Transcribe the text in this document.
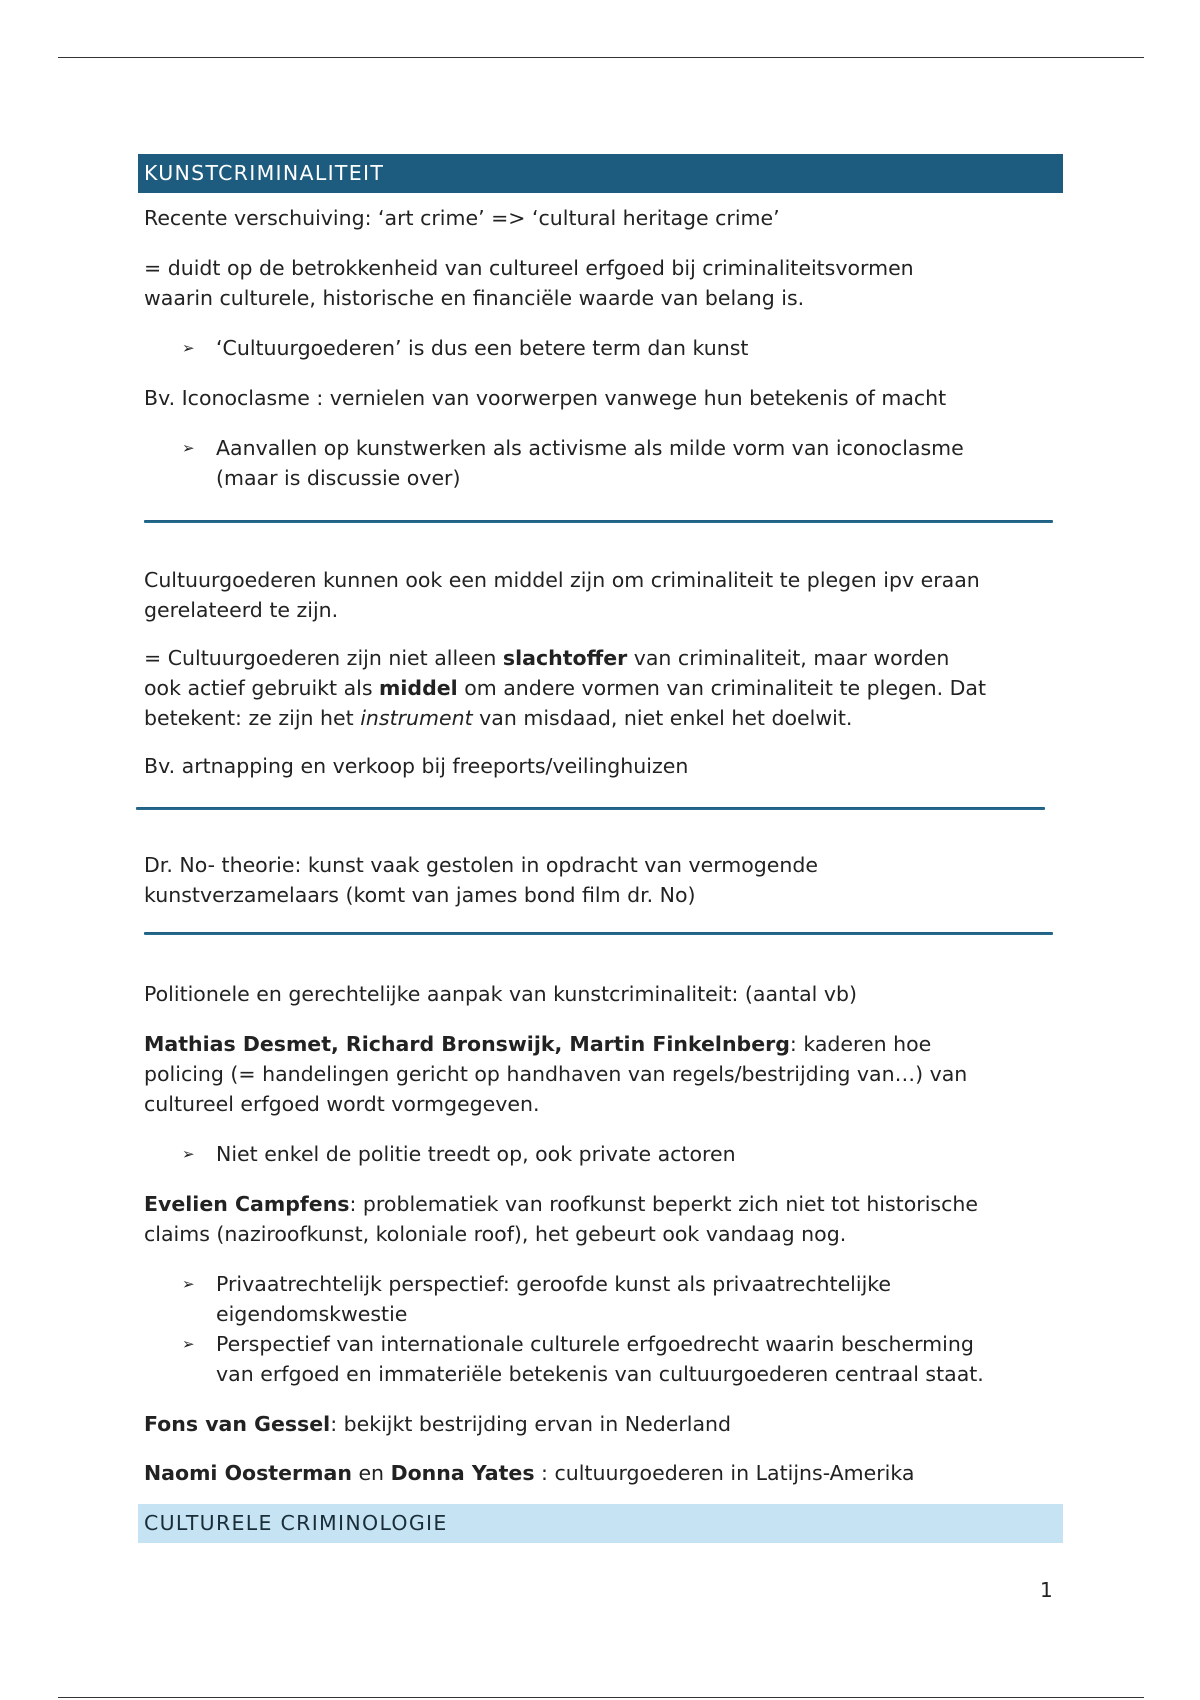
KUNSTCRIMINALITEIT

Recente verschuiving: ‘art crime’ => ‘cultural heritage crime’

= duidt op de betrokkenheid van cultureel erfgoed bij criminaliteitsvormen
waarin culturele, historische en financiële waarde van belang is.

➢ ‘Cultuurgoederen’ is dus een betere term dan kunst

Bv. Iconoclasme : vernielen van voorwerpen vanwege hun betekenis of macht

➢ Aanvallen op kunstwerken als activisme als milde vorm van iconoclasme
(maar is discussie over)

Cultuurgoederen kunnen ook een middel zijn om criminaliteit te plegen ipv eraan
gerelateerd te zijn.

= Cultuurgoederen zijn niet alleen slachtoffer van criminaliteit, maar worden
ook actief gebruikt als middel om andere vormen van criminaliteit te plegen. Dat
betekent: ze zijn het instrument van misdaad, niet enkel het doelwit.

Bv. artnapping en verkoop bij freeports/veilinghuizen

Dr. No- theorie: kunst vaak gestolen in opdracht van vermogende
kunstverzamelaars (komt van james bond film dr. No)

Politionele en gerechtelijke aanpak van kunstcriminaliteit: (aantal vb)

Mathias Desmet, Richard Bronswijk, Martin Finkelnberg: kaderen hoe
policing (= handelingen gericht op handhaven van regels/bestrijding van…) van
cultureel erfgoed wordt vormgegeven.

➢ Niet enkel de politie treedt op, ook private actoren

Evelien Campfens: problematiek van roofkunst beperkt zich niet tot historische
claims (naziroofkunst, koloniale roof), het gebeurt ook vandaag nog.

➢ Privaatrechtelijk perspectief: geroofde kunst als privaatrechtelijke
eigendomskwestie
➢ Perspectief van internationale culturele erfgoedrecht waarin bescherming
van erfgoed en immateriële betekenis van cultuurgoederen centraal staat.

Fons van Gessel: bekijkt bestrijding ervan in Nederland

Naomi Oosterman en Donna Yates : cultuurgoederen in Latijns-Amerika

CULTURELE CRIMINOLOGIE
1
